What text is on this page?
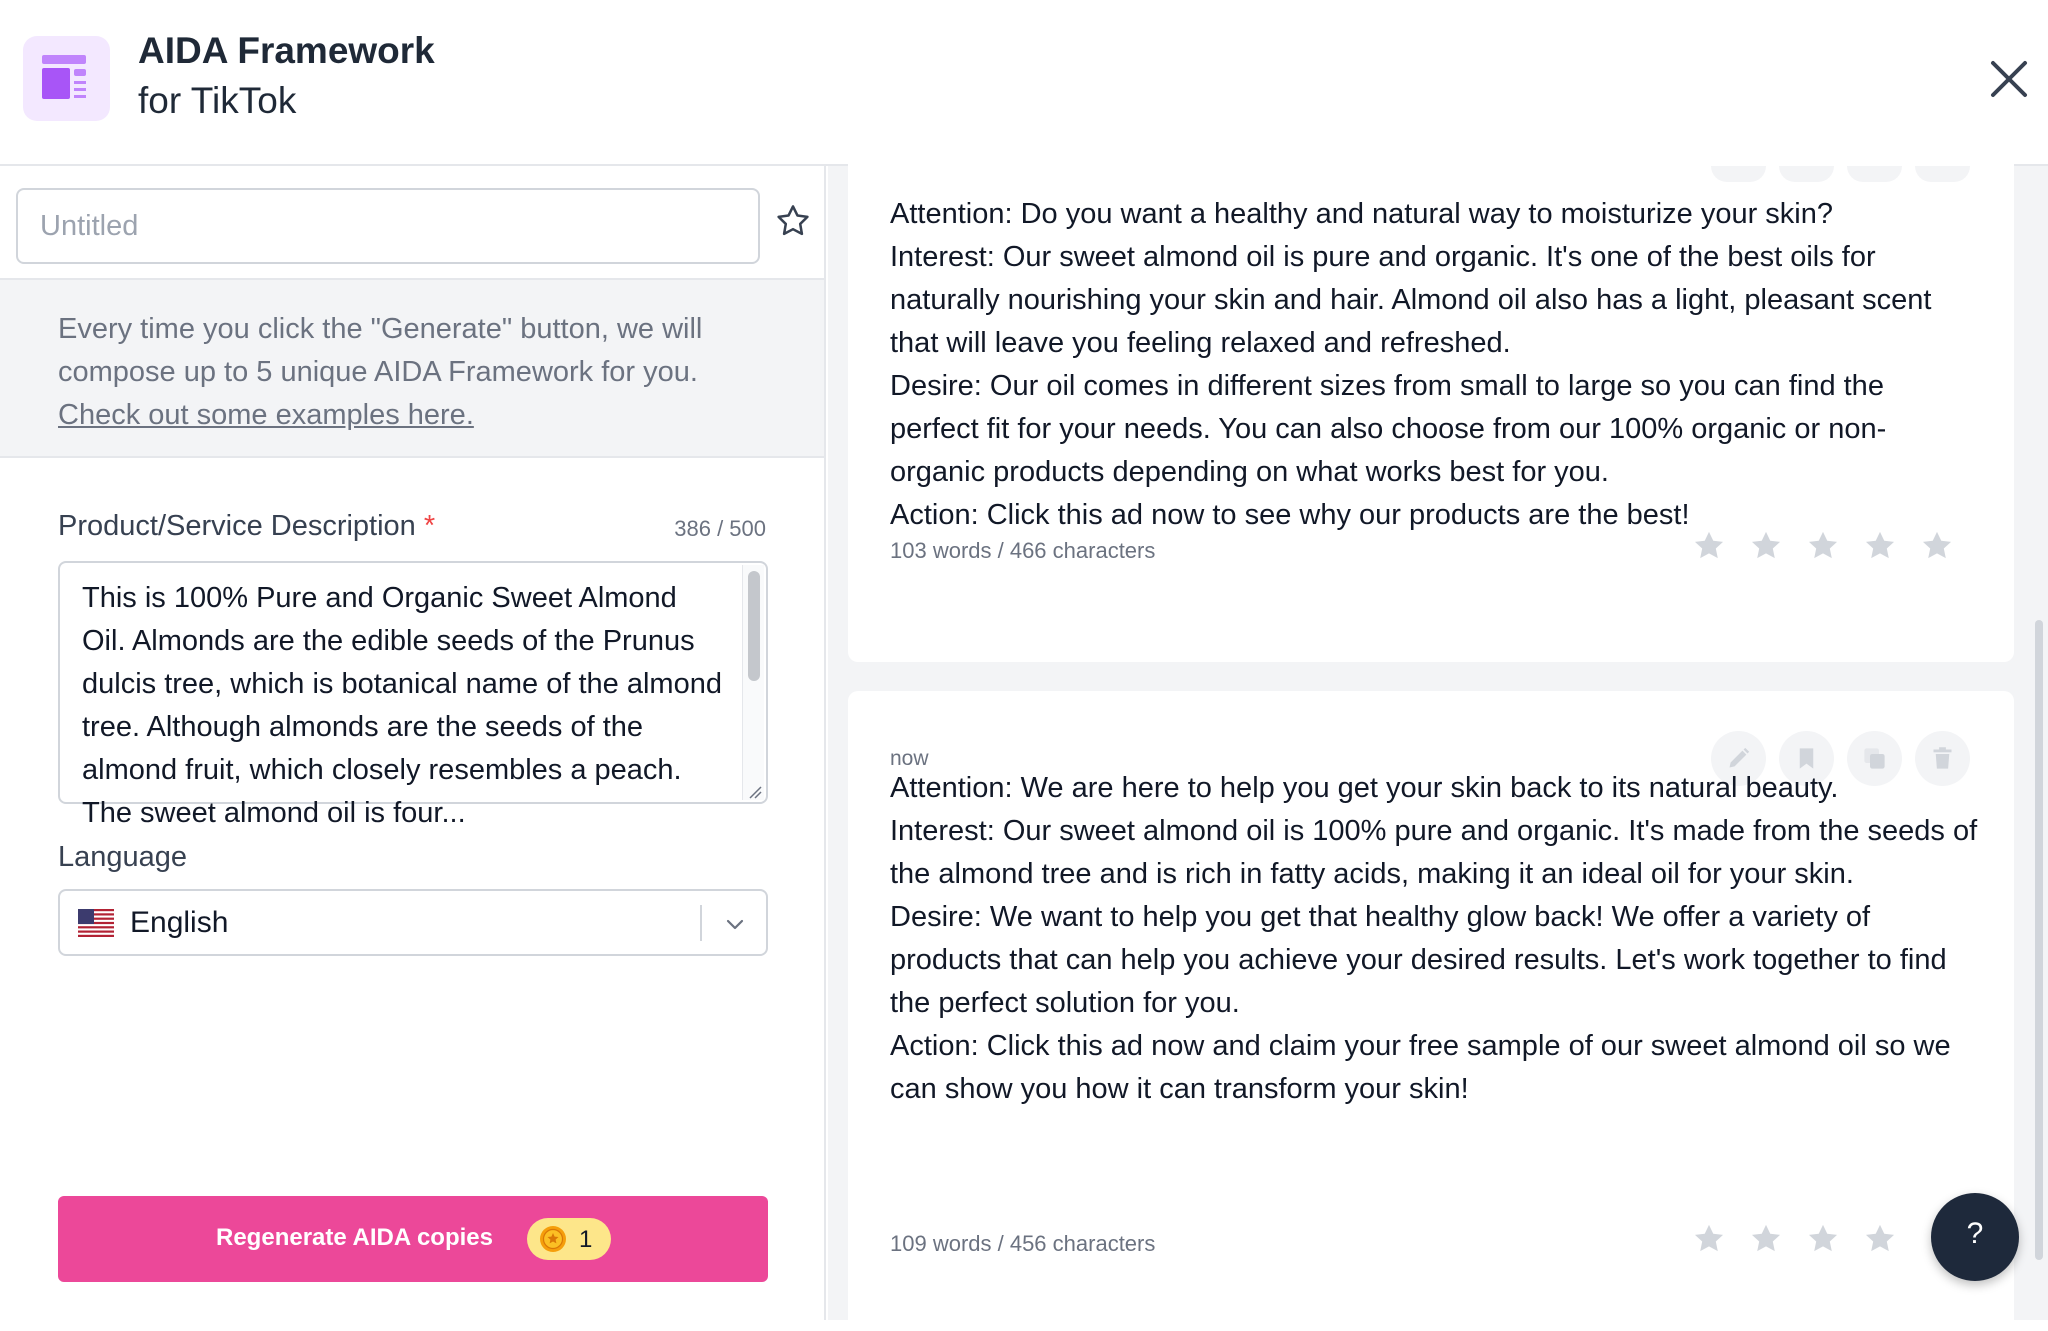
AIDA Framework
for TikTok
Untitled
Every time you click the "Generate" button, we will compose up to 5 unique AIDA Framework for you. Check out some examples here.
Product/Service Description *	386 / 500
This is 100% Pure and Organic Sweet Almond Oil. Almonds are the edible seeds of the Prunus dulcis tree, which is botanical name of the almond tree. Although almonds are the seeds of the almond fruit, which closely resembles a peach. The sweet almond oil is four...
Language
English
Regenerate AIDA copies	1
Attention: Do you want a healthy and natural way to moisturize your skin?
Interest: Our sweet almond oil is pure and organic. It's one of the best oils for naturally nourishing your skin and hair. Almond oil also has a light, pleasant scent that will leave you feeling relaxed and refreshed.
Desire: Our oil comes in different sizes from small to large so you can find the perfect fit for your needs. You can also choose from our 100% organic or non-organic products depending on what works best for you.
Action: Click this ad now to see why our products are the best!
103 words / 466 characters
now
Attention: We are here to help you get your skin back to its natural beauty.
Interest: Our sweet almond oil is 100% pure and organic. It's made from the seeds of the almond tree and is rich in fatty acids, making it an ideal oil for your skin.
Desire: We want to help you get that healthy glow back! We offer a variety of products that can help you achieve your desired results. Let's work together to find the perfect solution for you.
Action: Click this ad now and claim your free sample of our sweet almond oil so we can show you how it can transform your skin!
109 words / 456 characters	?
